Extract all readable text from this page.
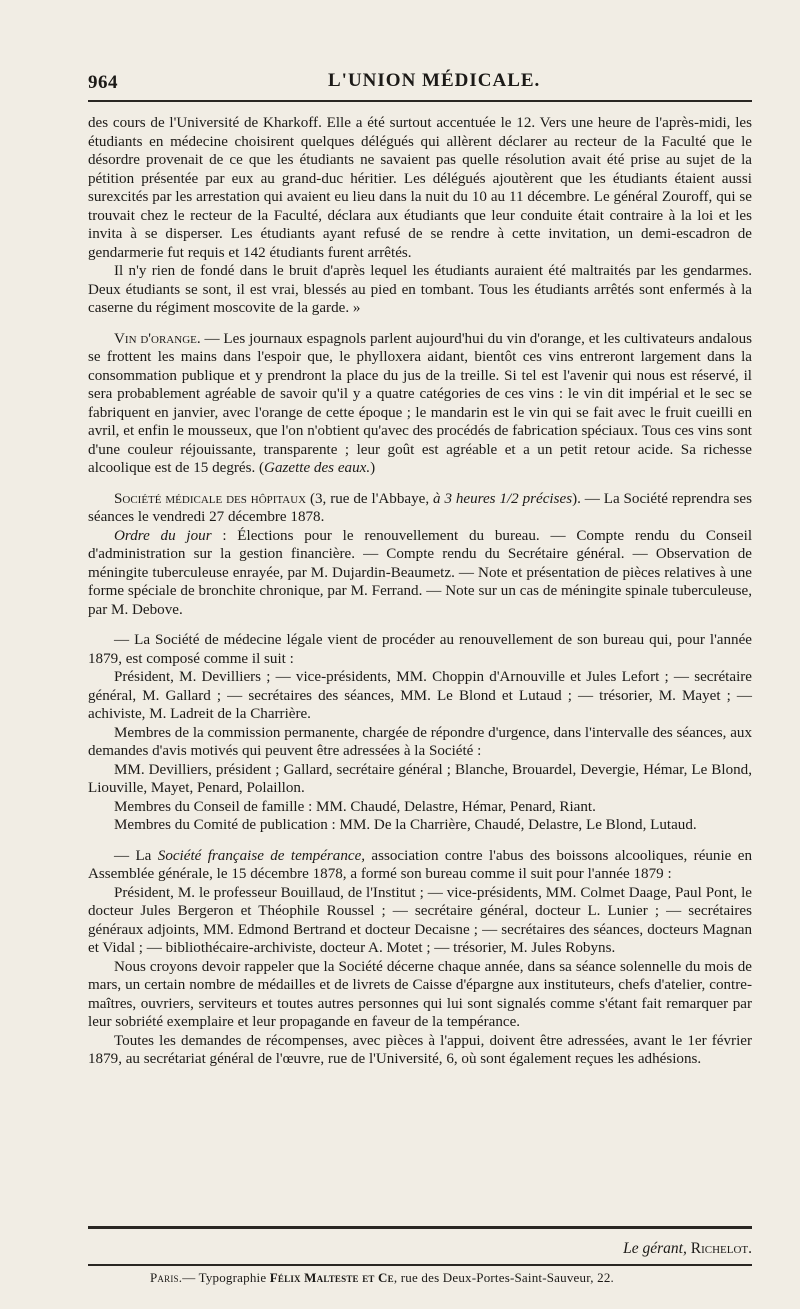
964	L'UNION MÉDICALE.

des cours de l'Université de Kharkoff. Elle a été surtout accentuée le 12. Vers une heure de l'après-midi, les étudiants en médecine choisirent quelques délégués qui allèrent déclarer au recteur de la Faculté que le désordre provenait de ce que les étudiants ne savaient pas quelle résolution avait été prise au sujet de la pétition présentée par eux au grand-duc héritier. Les délégués ajoutèrent que les étudiants étaient aussi surexcités par les arrestation qui avaient eu lieu dans la nuit du 10 au 11 décembre. Le général Zouroff, qui se trouvait chez le recteur de la Faculté, déclara aux étudiants que leur conduite était contraire à la loi et les invita à se disperser. Les étudiants ayant refusé de se rendre à cette invitation, un demi-escadron de gendarmerie fut requis et 142 étudiants furent arrêtés.

Il n'y rien de fondé dans le bruit d'après lequel les étudiants auraient été maltraités par les gendarmes. Deux étudiants se sont, il est vrai, blessés au pied en tombant. Tous les étudiants arrêtés sont enfermés à la caserne du régiment moscovite de la garde. »

Vin d'orange. — Les journaux espagnols parlent aujourd'hui du vin d'orange, et les cultivateurs andalous se frottent les mains dans l'espoir que, le phylloxera aidant, bientôt ces vins entreront largement dans la consommation publique et y prendront la place du jus de la treille. Si tel est l'avenir qui nous est réservé, il sera probablement agréable de savoir qu'il y a quatre catégories de ces vins : le vin dit impérial et le sec se fabriquent en janvier, avec l'orange de cette époque ; le mandarin est le vin qui se fait avec le fruit cueilli en avril, et enfin le mousseux, que l'on n'obtient qu'avec des procédés de fabrication spéciaux. Tous ces vins sont d'une couleur réjouissante, transparente ; leur goût est agréable et a un petit retour acide. Sa richesse alcoolique est de 15 degrés. (Gazette des eaux.)

Société médicale des hôpitaux (3, rue de l'Abbaye, à 3 heures 1/2 précises). — La Société reprendra ses séances le vendredi 27 décembre 1878.

Ordre du jour : Élections pour le renouvellement du bureau. — Compte rendu du Conseil d'administration sur la gestion financière. — Compte rendu du Secrétaire général. — Observation de méningite tuberculeuse enrayée, par M. Dujardin-Beaumetz. — Note et présentation de pièces relatives à une forme spéciale de bronchite chronique, par M. Ferrand. — Note sur un cas de méningite spinale tuberculeuse, par M. Debove.

— La Société de médecine légale vient de procéder au renouvellement de son bureau qui, pour l'année 1879, est composé comme il suit :

Président, M. Devilliers ; — vice-présidents, MM. Choppin d'Arnouville et Jules Lefort ; — secrétaire général, M. Gallard ; — secrétaires des séances, MM. Le Blond et Lutaud ; — trésorier, M. Mayet ; — achiviste, M. Ladreit de la Charrière.

Membres de la commission permanente, chargée de répondre d'urgence, dans l'intervalle des séances, aux demandes d'avis motivés qui peuvent être adressées à la Société :

MM. Devilliers, président ; Gallard, secrétaire général ; Blanche, Brouardel, Devergie, Hémar, Le Blond, Liouville, Mayet, Penard, Polaillon.

Membres du Conseil de famille : MM. Chaudé, Delastre, Hémar, Penard, Riant.

Membres du Comité de publication : MM. De la Charrière, Chaudé, Delastre, Le Blond, Lutaud.

— La Société française de tempérance, association contre l'abus des boissons alcooliques, réunie en Assemblée générale, le 15 décembre 1878, a formé son bureau comme il suit pour l'année 1879 :

Président, M. le professeur Bouillaud, de l'Institut ; — vice-présidents, MM. Colmet Daage, Paul Pont, le docteur Jules Bergeron et Théophile Roussel ; — secrétaire général, docteur L. Lunier ; — secrétaires généraux adjoints, MM. Edmond Bertrand et docteur Decaisne ; — secrétaires des séances, docteurs Magnan et Vidal ; — bibliothécaire-archiviste, docteur A. Motet ; — trésorier, M. Jules Robyns.

Nous croyons devoir rappeler que la Société décerne chaque année, dans sa séance solennelle du mois de mars, un certain nombre de médailles et de livrets de Caisse d'épargne aux instituteurs, chefs d'atelier, contre-maîtres, ouvriers, serviteurs et toutes autres personnes qui lui sont signalés comme s'étant fait remarquer par leur sobriété exemplaire et leur propagande en faveur de la tempérance.

Toutes les demandes de récompenses, avec pièces à l'appui, doivent être adressées, avant le 1er février 1879, au secrétariat général de l'œuvre, rue de l'Université, 6, où sont également reçues les adhésions.

Le gérant, Richelot.
Paris.— Typographie Félix Malteste et Ce, rue des Deux-Portes-Saint-Sauveur, 22.
